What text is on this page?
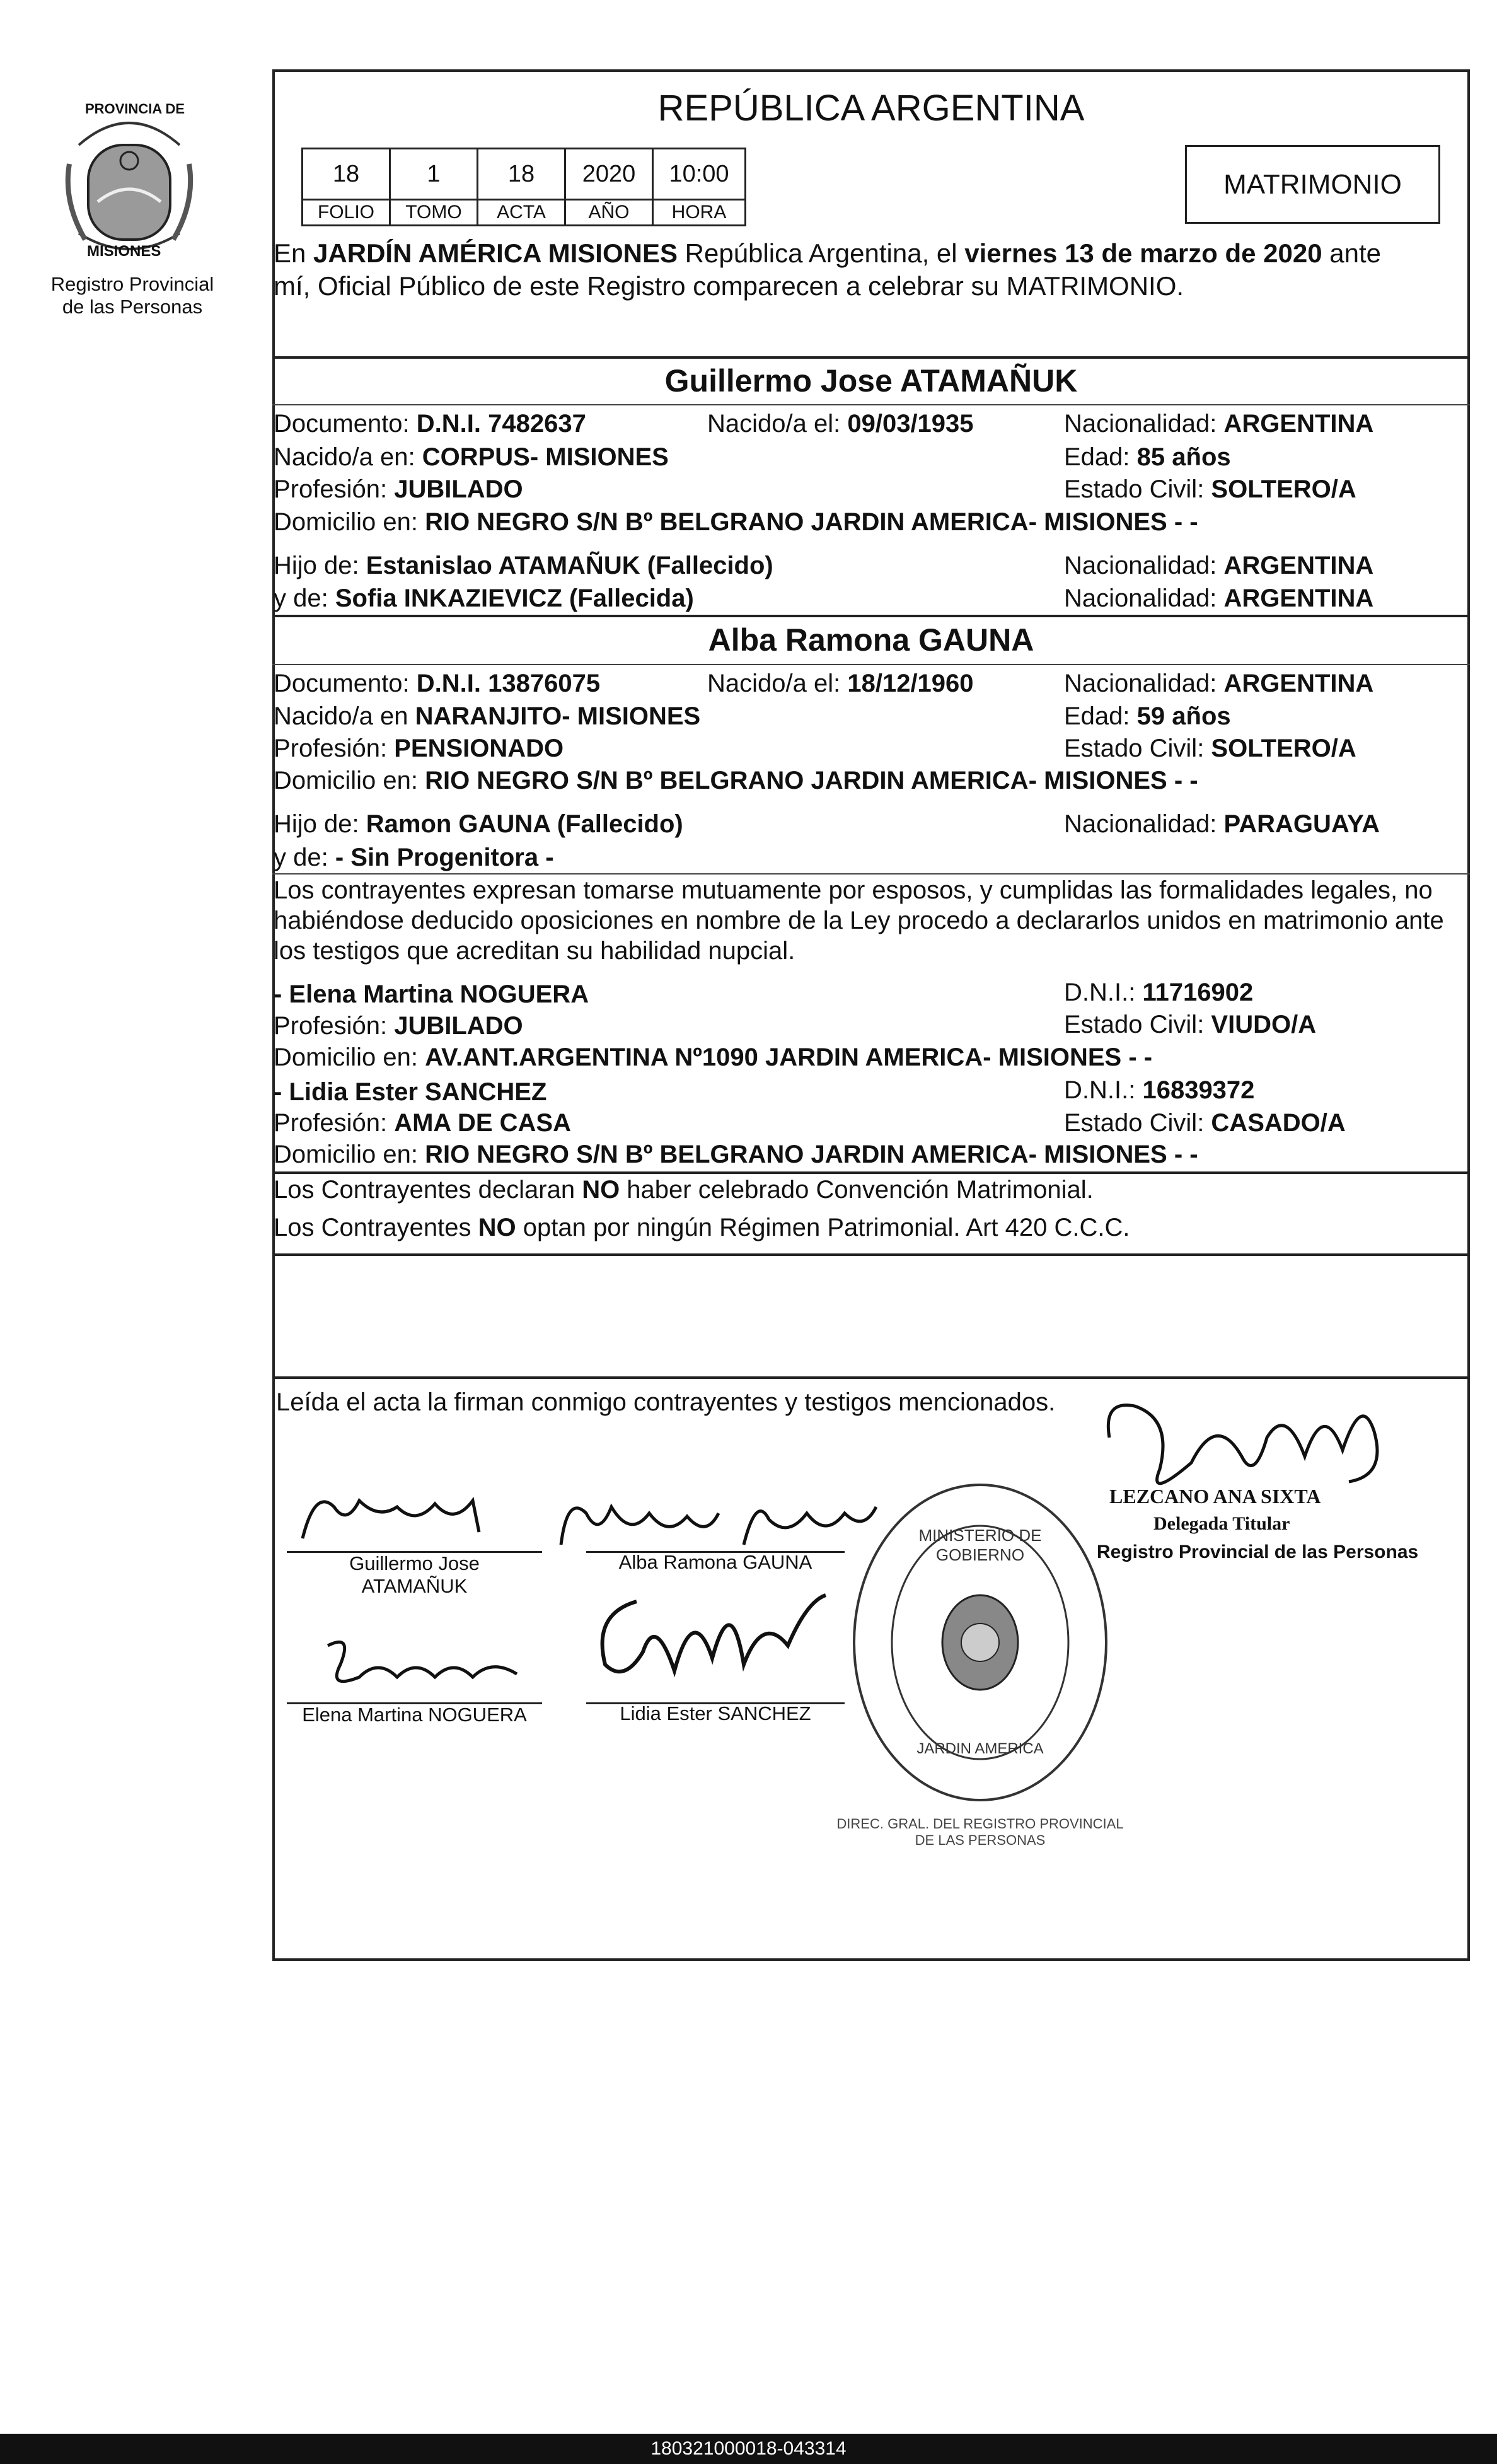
PROVINCIA DE
MISIONES
Registro Provincial
de las Personas
REPÚBLICA ARGENTINA
18	1	18	2020	10:00
FOLIO	TOMO	ACTA	AÑO	HORA
MATRIMONIO
En JARDÍN AMÉRICA MISIONES República Argentina, el viernes 13 de marzo de 2020 ante
mí, Oficial Público de este Registro comparecen a celebrar su MATRIMONIO.
Guillermo Jose ATAMAÑUK
Documento: D.N.I. 7482637	Nacido/a el: 09/03/1935	Nacionalidad: ARGENTINA
Nacido/a en: CORPUS- MISIONES	Edad: 85 años
Profesión: JUBILADO	Estado Civil: SOLTERO/A
Domicilio en: RIO NEGRO S/N Bº BELGRANO JARDIN AMERICA- MISIONES - -
Hijo de: Estanislao ATAMAÑUK (Fallecido)	Nacionalidad: ARGENTINA
y de: Sofia INKAZIEVICZ (Fallecida)	Nacionalidad: ARGENTINA
Alba Ramona GAUNA
Documento: D.N.I. 13876075	Nacido/a el: 18/12/1960	Nacionalidad: ARGENTINA
Nacido/a en NARANJITO- MISIONES	Edad: 59 años
Profesión: PENSIONADO	Estado Civil: SOLTERO/A
Domicilio en: RIO NEGRO S/N Bº BELGRANO JARDIN AMERICA- MISIONES - -
Hijo de: Ramon GAUNA (Fallecido)	Nacionalidad: PARAGUAYA
y de: - Sin Progenitora -
Los contrayentes expresan tomarse mutuamente por esposos, y cumplidas las formalidades legales, no
habiéndose deducido oposiciones en nombre de la Ley procedo a declararlos unidos en matrimonio ante
los testigos que acreditan su habilidad nupcial.
- Elena Martina NOGUERA	D.N.I.: 11716902
Profesión: JUBILADO	Estado Civil: VIUDO/A
Domicilio en: AV.ANT.ARGENTINA Nº1090 JARDIN AMERICA- MISIONES - -
- Lidia Ester SANCHEZ	D.N.I.: 16839372
Profesión: AMA DE CASA	Estado Civil: CASADO/A
Domicilio en: RIO NEGRO S/N Bº BELGRANO JARDIN AMERICA- MISIONES - -
Los Contrayentes declaran NO haber celebrado Convención Matrimonial.
Los Contrayentes NO optan por ningún Régimen Patrimonial. Art 420 C.C.C.
Leída el acta la firman conmigo contrayentes y testigos mencionados.
Guillermo Jose
ATAMAÑUK
Alba Ramona GAUNA
Elena Martina NOGUERA	Lidia Ester SANCHEZ
DIREC. GRAL. DEL REGISTRO PROVINCIAL DE LAS PERSONAS
MINISTERIO DE GOBIERNO
JARDIN AMERICA
LEZCANO ANA SIXTA
Delegada Titular
Registro Provincial de las Personas
180321000018-043314
